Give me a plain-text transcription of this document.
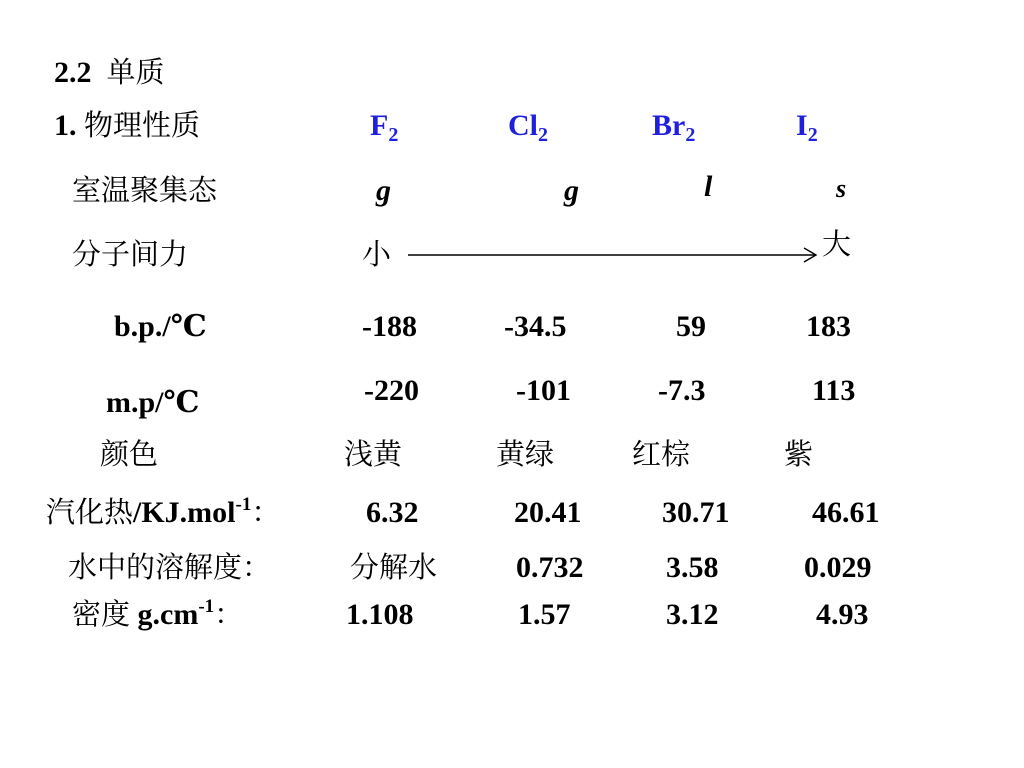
2.2 单质
1. 物理性质	$F_2$	$Cl_2$	$Br_2$	$I_2$
室温聚集态	g	g	l	s
分子间力	小	大
b.p./℃	-188	-34.5	59	183
m.p/℃	-220	-101	-7.3	113
颜色	浅黄	黄绿	红棕	紫
汽化热/KJ.mol$^{-1}$：	6.32	20.41	30.71	46.61
水中的溶解度：	分解水	0.732	3.58	0.029
密度 $g.cm^{-1}$：	1.108	1.57	3.12	4.93
